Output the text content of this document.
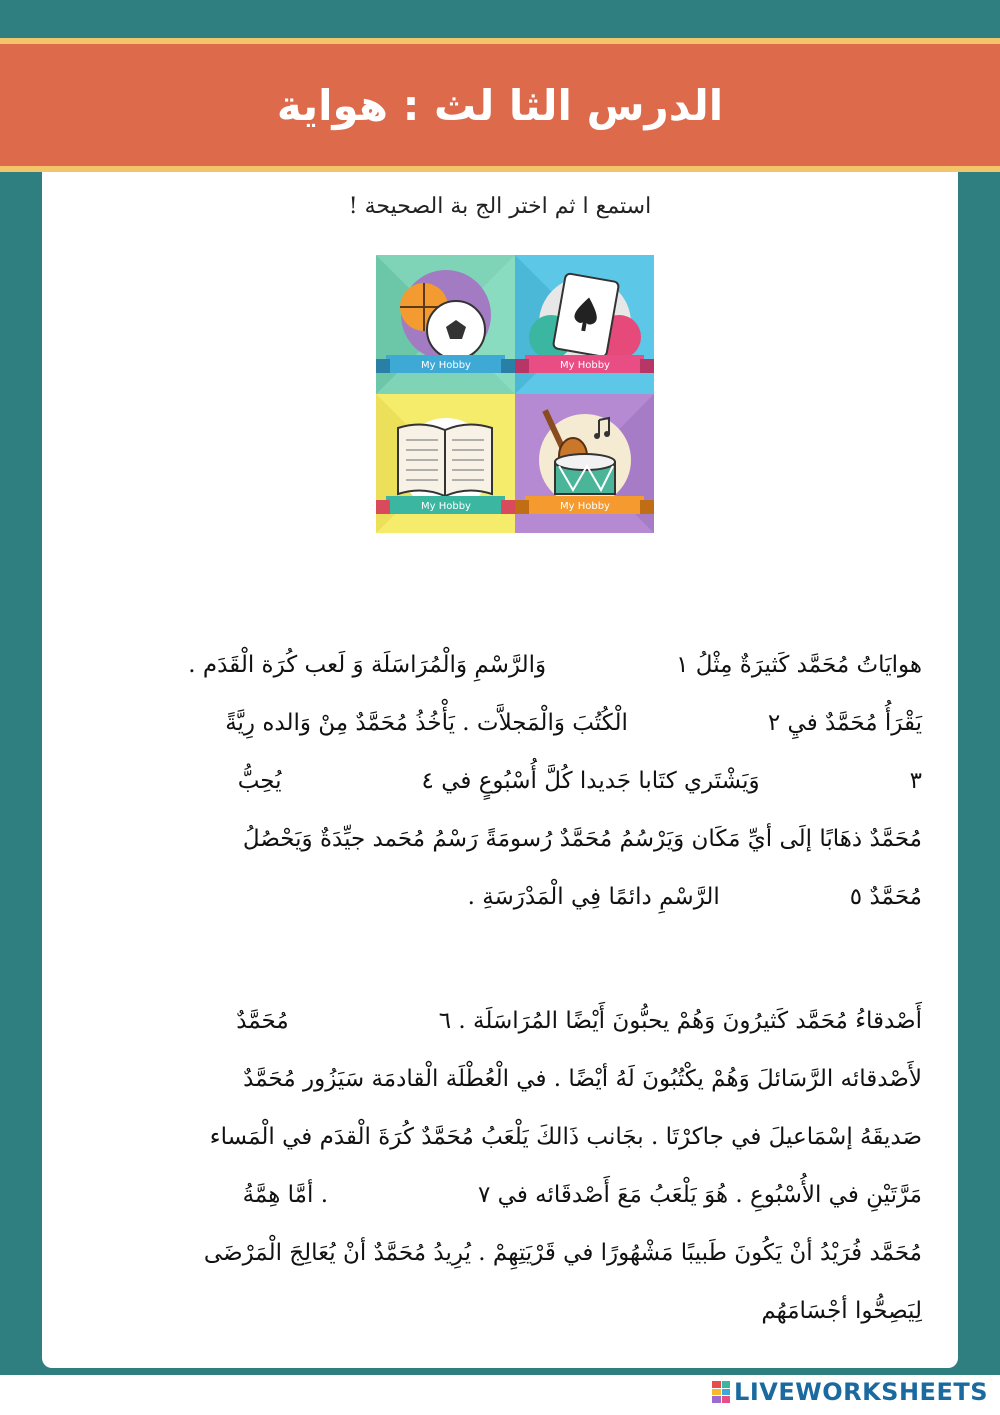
الدرس الثا لث : هواية
استمع ا ثم اختر الج بة الصحيحة !
My Hobby	My Hobby
My Hobby	My Hobby
هوايَاتُ مُحَمَّد كَثيرَةٌ مِثْلُ ١وَالرَّسْمِ وَالْمُرَاسَلَة وَ لَعب كُرَة الْقَدَم .
يَقْرَأُ مُحَمَّدٌ فيِ ٢الْكُتُبَ وَالْمَجلاَّت . يَأْخُذُ مُحَمَّدٌ مِنْ وَالده رِيَّةً
٣وَيَشْتَري كتَابا جَديدا كُلَّ أُسْبُوعٍ في ٤يُحِبُّ
مُحَمَّدٌ ذهَابًا إلَى أيِّ مَكَان وَيَرْسُمُ مُحَمَّدٌ رُسومَةً رَسْمُ مُحَمد جيِّدَةٌ وَيَحْصُلُ
مُحَمَّدٌ ٥الرَّسْمِ دائمًا فِي الْمَدْرَسَةِ .
أَصْدقاءُ مُحَمَّد كَثيرُونَ وَهُمْ يحبُّونَ أَيْضًا المُرَاسَلَة . ٦مُحَمَّدٌ
لأَصْدقائه الرَّسَائلَ وَهُمْ يكْتُبُونَ لَهُ أيْضًا . في الْعُطْلَة الْقادمَة سَيَزُور مُحَمَّدٌ
صَديقَهُ إسْمَاعيلَ في جاكرْتَا . بجَانب ذَالكَ يَلْعَبُ مُحَمَّدٌ كُرَةَ الْقدَم في الْمَساء
مَرَّتَيْنِ في الأُسْبُوعِ . هُوَ يَلْعَبُ مَعَ أَصْدقَائه في ٧. أمَّا هِمَّةُ
مُحَمَّد فُرَيْدُ أنْ يَكُونَ طَبيبًا مَشْهُورًا في قَرْيَتِهِمْ . يُرِيدُ مُحَمَّدٌ أنْ يُعَالِجَ الْمَرْضَى
لِيَصِحُّوا أجْسَامَهُم
LIVEWORKSHEETS
